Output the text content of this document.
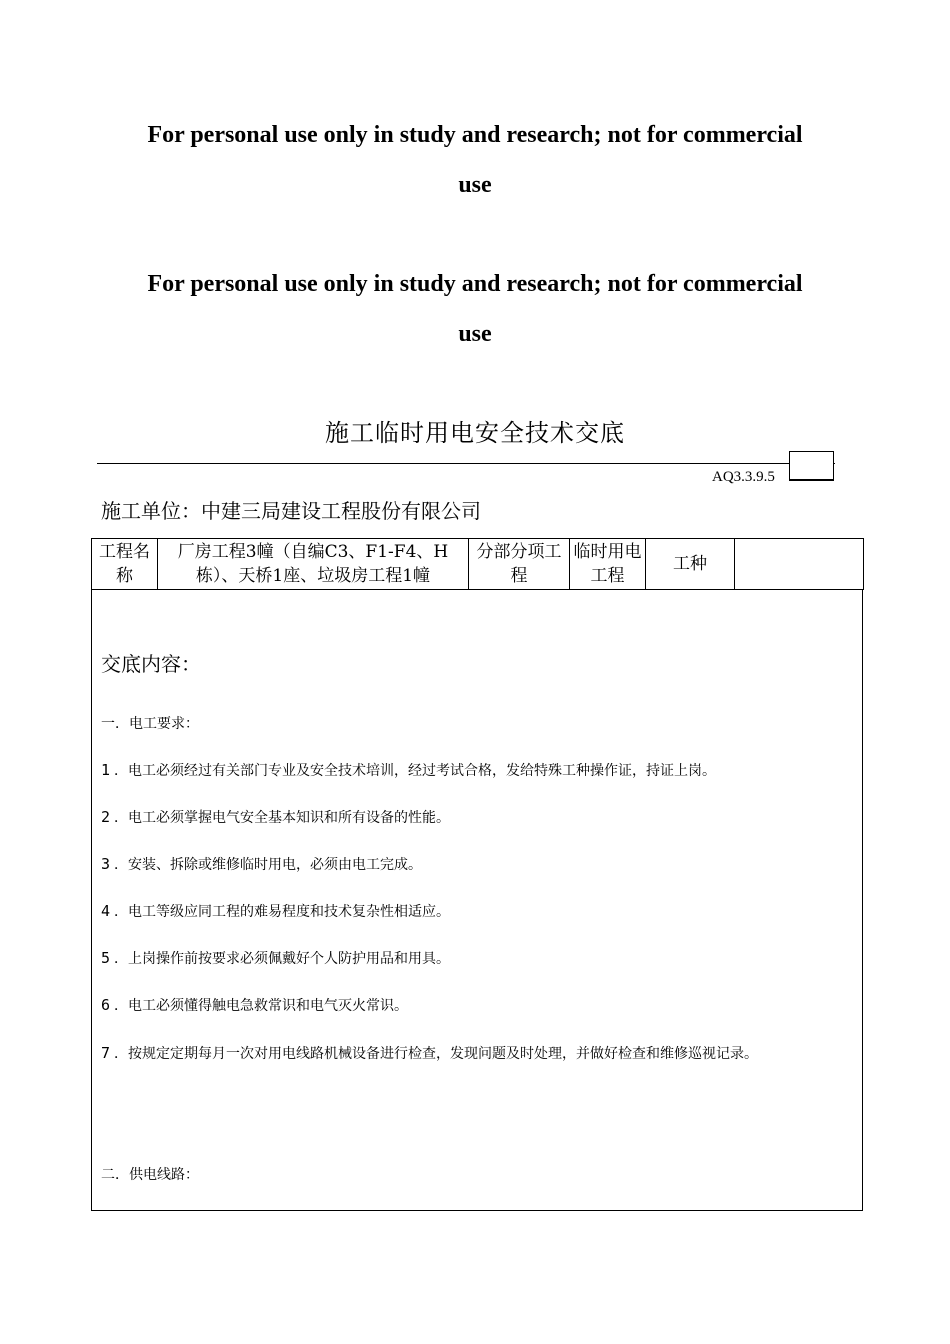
For personal use only in study and research; not for commercial
use
For personal use only in study and research; not for commercial
use
施工临时用电安全技术交底
AQ3.3.9.5
施工单位：中建三局建设工程股份有限公司
工程名称	厂房工程3幢（自编C3、F1-F4、H栋）、天桥1座、垃圾房工程1幢	分部分项工程	临时用电工程	工种	
交底内容：
一．电工要求：
1 ．电工必须经过有关部门专业及安全技术培训，经过考试合格，发给特殊工种操作证，持证上岗。
2 ．电工必须掌握电气安全基本知识和所有设备的性能。
3 ．安装、拆除或维修临时用电，必须由电工完成。
4 ．电工等级应同工程的难易程度和技术复杂性相适应。
5 ．上岗操作前按要求必须佩戴好个人防护用品和用具。
6 ．电工必须懂得触电急救常识和电气灭火常识。
7 ．按规定定期每月一次对用电线路机械设备进行检查，发现问题及时处理，并做好检查和维修巡视记录。
二．供电线路：
